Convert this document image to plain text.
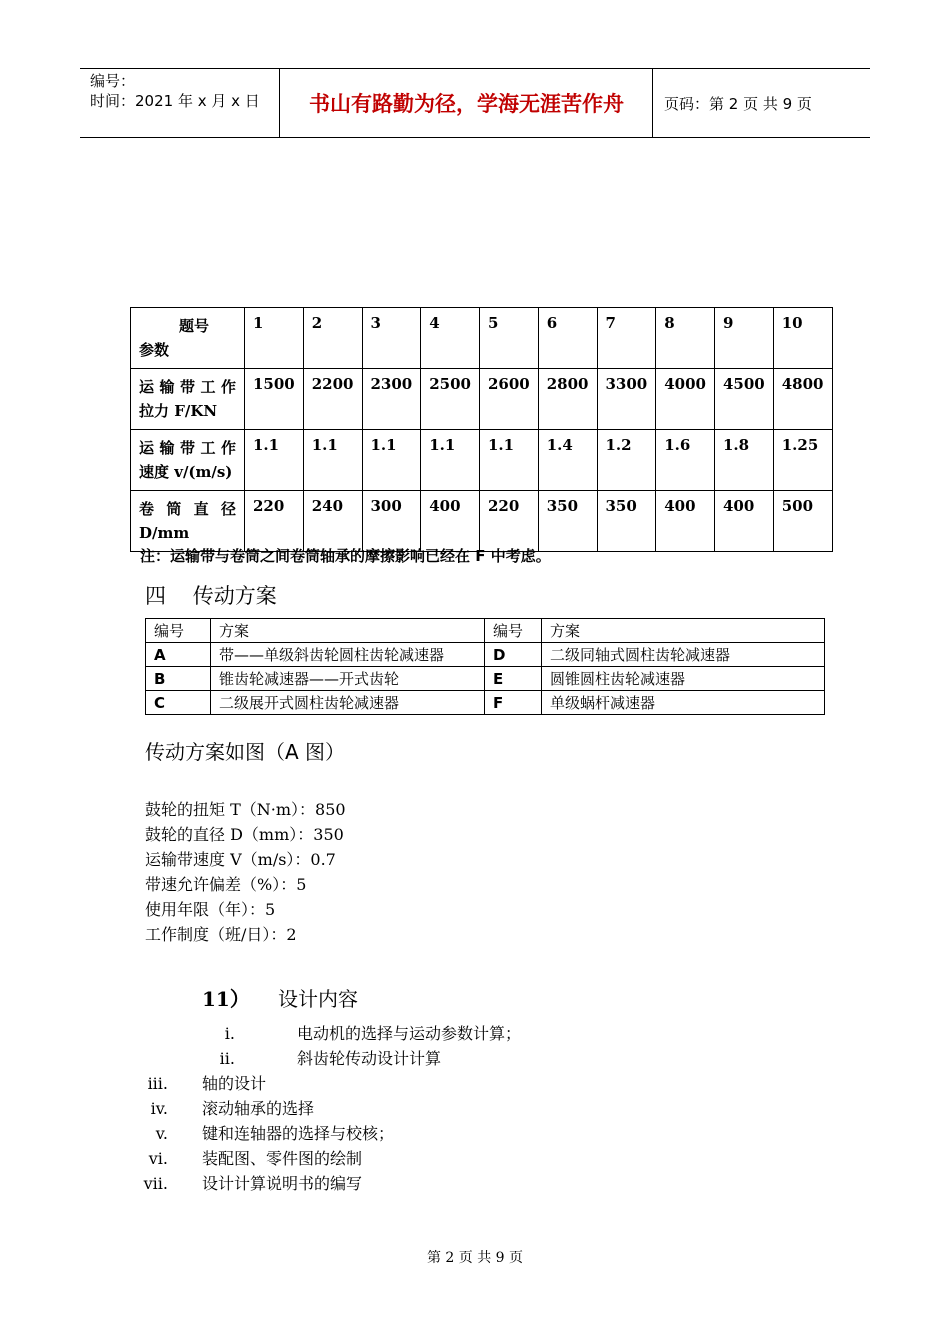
编号：
时间：2021 年 x 月 x 日	书山有路勤为径，学海无涯苦作舟	页码：第 2 页 共 9 页
题号
参数	1	2	3	4	5	6	7	8	9	10

运输带工作
拉力 F/KN	1500	2200	2300	2500	2600	2800	3300	4000	4500	4800

运输带工作
速度 v/(m/s)	1.1	1.1	1.1	1.1	1.1	1.4	1.2	1.6	1.8	1.25

卷筒直径
D/mm	220	240	300	400	220	350	350	400	400	500
注：运输带与卷筒之间卷筒轴承的摩擦影响已经在 F 中考虑。
四    传动方案
编号	方案	编号	方案
A	带——单级斜齿轮圆柱齿轮减速器	D	二级同轴式圆柱齿轮减速器
B	锥齿轮减速器——开式齿轮	E	圆锥圆柱齿轮减速器
C	二级展开式圆柱齿轮减速器	F	单级蜗杆减速器
传动方案如图（A 图）
鼓轮的扭矩 T（N·m）：850
鼓轮的直径 D（mm）：350
运输带速度 V（m/s）：0.7
带速允许偏差（%）：5
使用年限（年）：5
工作制度（班/日）：2
11） 设计内容
i.	电动机的选择与运动参数计算；
ii.	斜齿轮传动设计计算
iii. 轴的设计
iv. 滚动轴承的选择
v. 键和连轴器的选择与校核；
vi. 装配图、零件图的绘制
vii. 设计计算说明书的编写
第 2 页 共 9 页
